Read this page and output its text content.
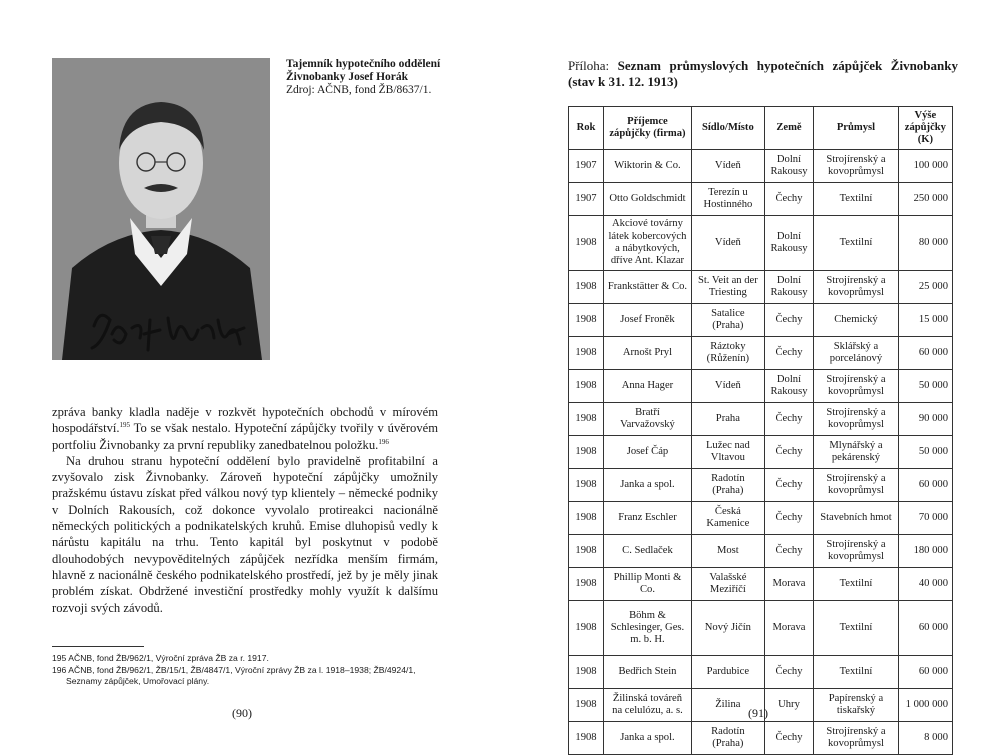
Tajemník hypotečního oddělení Živnobanky Josef Horák
Zdroj: AČNB, fond ŽB/8637/1.

zpráva banky kladla naděje v rozkvět hypotečních obchodů v mírovém hospodářství.$^{195}$ To se však nestalo. Hypoteční zápůjčky tvořily v úvěrovém portfoliu Živnobanky za první republiky zanedbatelnou položku.$^{196}$

Na druhou stranu hypoteční oddělení bylo pravidelně profitabilní a zvyšovalo zisk Živnobanky. Zároveň hypoteční zápůjčky umožnily pražskému ústavu získat před válkou nový typ klientely – německé podniky v Dolních Rakousích, což dokonce vyvolalo protireakci nacionálně německých politických a podnikatelských kruhů. Emise dluhopisů vedly k nárůstu kapitálu na trhu. Tento kapitál byl poskytnut v podobě dlouhodobých nevypověditelných zápůjček nezřídka menším firmám, hlavně z nacionálně českého podnikatelského prostředí, jež by je měly jinak problém získat. Obdržené investiční prostředky mohly využít k dalšímu rozvoji svých závodů.

195 AČNB, fond ŽB/962/1, Výroční zpráva ŽB za r. 1917.
196 AČNB, fond ŽB/962/1, ŽB/15/1, ŽB/4847/1, Výroční zprávy ŽB za l. 1918–1938; ŽB/4924/1,
Seznamy zápůjček, Umořovací plány.
(90)
Příloha: Seznam průmyslových hypotečních zápůjček Živnobanky (stav k 31. 12. 1913)
Rok	Příjemce zápůjčky (firma)	Sídlo/Místo	Země	Průmysl	Výše zápůjčky (K)
1907	Wiktorin & Co.	Vídeň	Dolní Rakousy	Strojírenský a kovoprůmysl	100 000
1907	Otto Goldschmidt	Terezín u Hostinného	Čechy	Textilní	250 000
1908	Akciové továrny látek kobercových a nábytkových, dříve Ant. Klazar	Vídeň	Dolní Rakousy	Textilní	80 000
1908	Frankstätter & Co.	St. Veit an der Triesting	Dolní Rakousy	Strojírenský a kovoprůmysl	25 000
1908	Josef Froněk	Satalice (Praha)	Čechy	Chemický	15 000
1908	Arnošt Pryl	Ráztoky (Růženín)	Čechy	Sklářský a porcelánový	60 000
1908	Anna Hager	Vídeň	Dolní Rakousy	Strojírenský a kovoprůmysl	50 000
1908	Bratří Varvažovský	Praha	Čechy	Strojírenský a kovoprůmysl	90 000
1908	Josef Čáp	Lužec nad Vltavou	Čechy	Mlynářský a pekárenský	50 000
1908	Janka a spol.	Radotín (Praha)	Čechy	Strojírenský a kovoprůmysl	60 000
1908	Franz Eschler	Česká Kamenice	Čechy	Stavebních hmot	70 000
1908	C. Sedlaček	Most	Čechy	Strojírenský a kovoprůmysl	180 000
1908	Phillip Monti & Co.	Valašské Meziříčí	Morava	Textilní	40 000
1908	Böhm & Schlesinger, Ges. m. b. H.	Nový Jičín	Morava	Textilní	60 000
1908	Bedřich Stein	Pardubice	Čechy	Textilní	60 000
1908	Žilinská továreň na celulózu, a. s.	Žilina	Uhry	Papírenský a tiskařský	1 000 000
1908	Janka a spol.	Radotín (Praha)	Čechy	Strojírenský a kovoprůmysl	8 000
(91)
